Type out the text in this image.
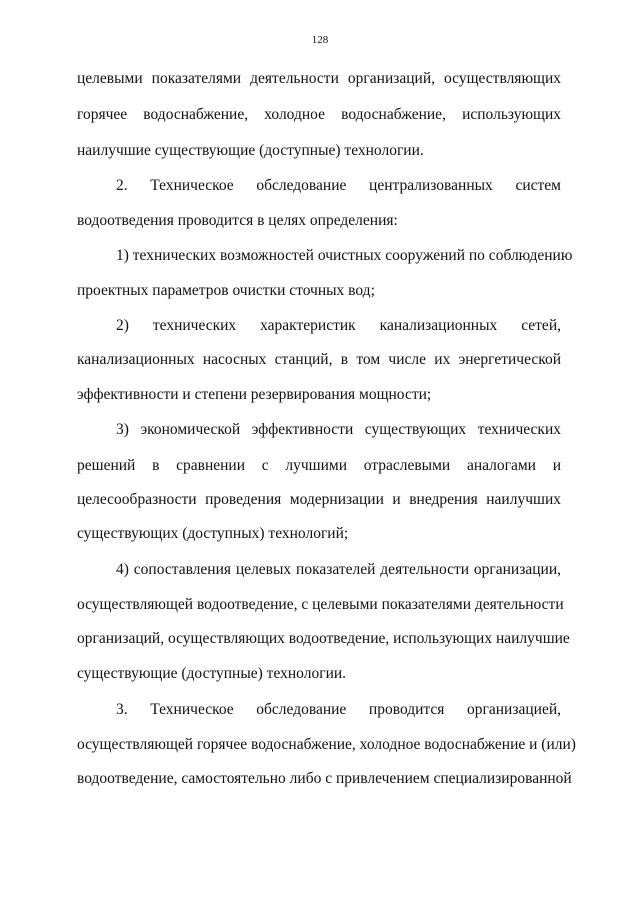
128
целевыми показателями деятельности организаций, осуществляющих
горячее водоснабжение, холодное водоснабжение, использующих
наилучшие существующие (доступные) технологии.
2. Техническое обследование централизованных систем
водоотведения проводится в целях определения:
1) технических возможностей очистных сооружений по соблюдению
проектных параметров очистки сточных вод;
2) технических характеристик канализационных сетей,
канализационных насосных станций, в том числе их энергетической
эффективности и степени резервирования мощности;
3) экономической эффективности существующих технических
решений в сравнении с лучшими отраслевыми аналогами и
целесообразности проведения модернизации и внедрения наилучших
существующих (доступных) технологий;
4) сопоставления целевых показателей деятельности организации,
осуществляющей водоотведение, с целевыми показателями деятельности
организаций, осуществляющих водоотведение, использующих наилучшие
существующие (доступные) технологии.
3. Техническое обследование проводится организацией,
осуществляющей горячее водоснабжение, холодное водоснабжение и (или)
водоотведение, самостоятельно либо с привлечением специализированной
